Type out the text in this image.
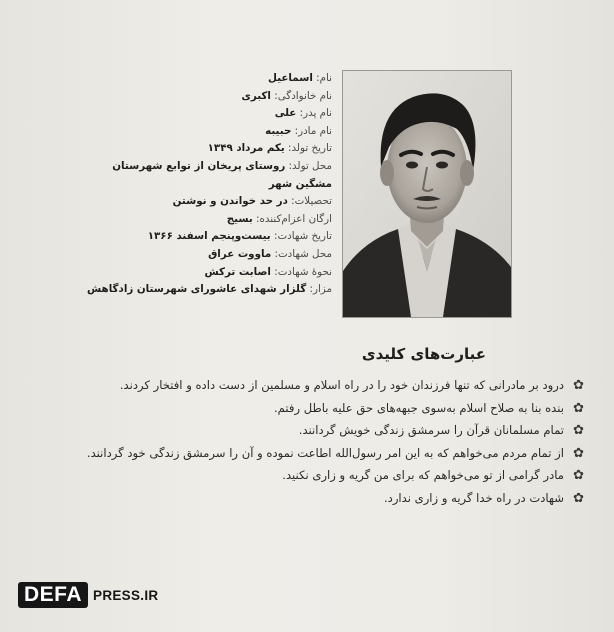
نام: اسماعیل
نام خانوادگی: اکبری
نام پدر: علی
نام مادر: حبیبه
تاریخ تولد: یکم مرداد ۱۳۴۹
محل تولد: روستای پریخان از توابع شهرستان مشگین شهر
تحصیلات: در حد خواندن و نوشتن
ارگان اعزام‌کننده: بسیج
تاریخ شهادت: بیست‌وپنجم اسفند ۱۳۶۶
محل شهادت: ماووت عراق
نحوهٔ شهادت: اصابت ترکش
مزار: گلزار شهدای عاشورای شهرستان زادگاهش
عبارت‌های کلیدی
✿
درود بر مادرانی که تنها فرزندان خود را در راه اسلام و مسلمین از دست داده و افتخار کردند.
✿
بنده بنا به صلاح اسلام به‌سوی جبهه‌های حق علیه باطل رفتم.
✿
تمام مسلمانان قرآن را سرمشق زندگی خویش گردانند.
✿
از تمام مردم می‌خواهم که به این امر رسول‌الله اطاعت نموده و آن را سرمشق زندگی خود گردانند.
✿
مادر گرامی از تو می‌خواهم که برای من گریه و زاری نکنید.
✿
شهادت در راه خدا گریه و زاری ندارد.
DEFA PRESS.IR
